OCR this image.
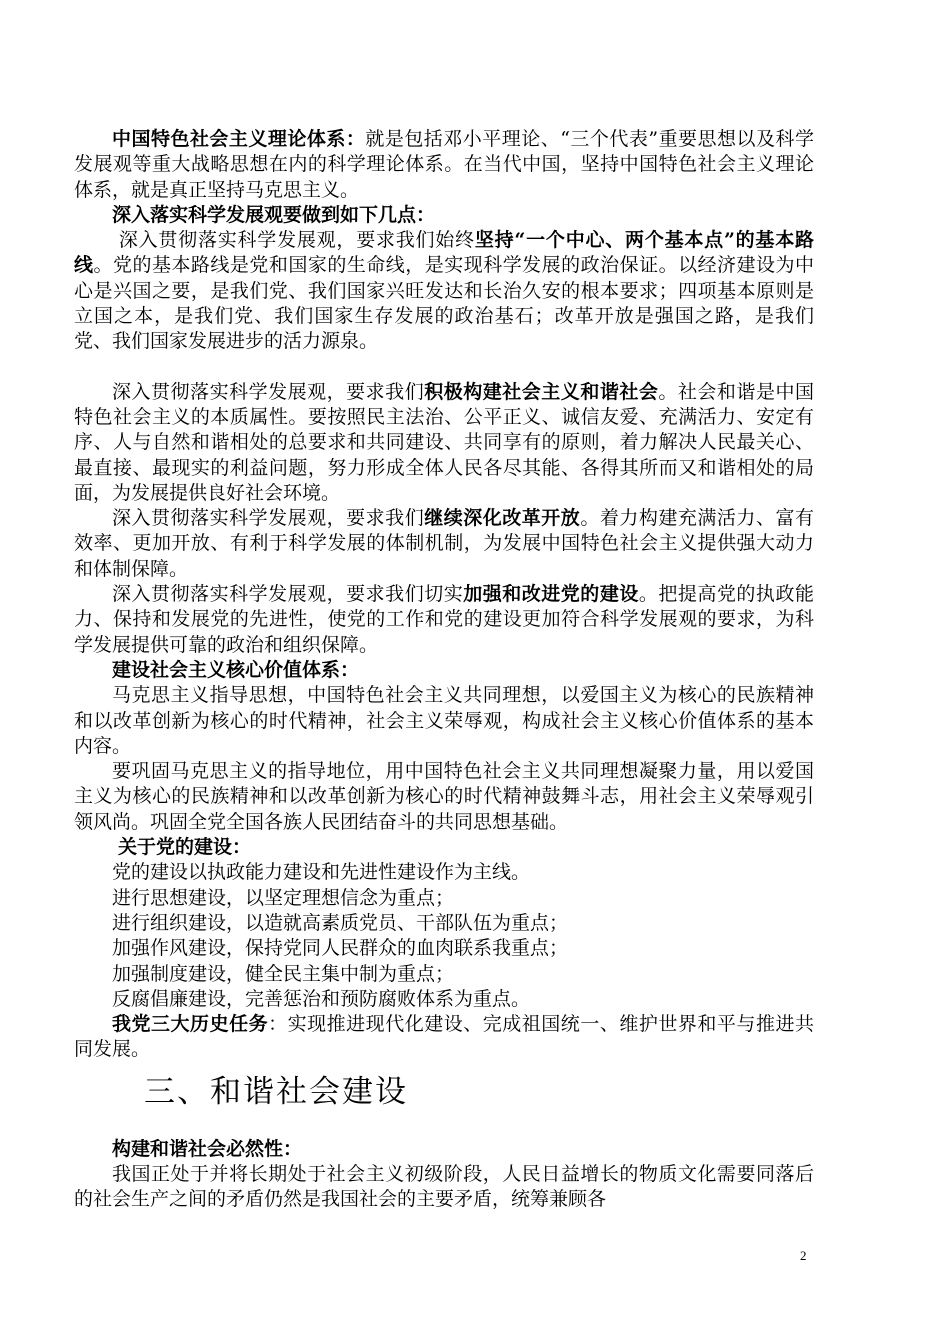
中国特色社会主义理论体系：就是包括邓小平理论、“三个代表”重要思想以及科学发展观等重大战略思想在内的科学理论体系。在当代中国，坚持中国特色社会主义理论体系，就是真正坚持马克思主义。

深入落实科学发展观要做到如下几点：

深入贯彻落实科学发展观，要求我们始终坚持“一个中心、两个基本点”的基本路线。党的基本路线是党和国家的生命线，是实现科学发展的政治保证。以经济建设为中心是兴国之要，是我们党、我们国家兴旺发达和长治久安的根本要求；四项基本原则是立国之本，是我们党、我们国家生存发展的政治基石；改革开放是强国之路，是我们党、我们国家发展进步的活力源泉。

深入贯彻落实科学发展观，要求我们积极构建社会主义和谐社会。社会和谐是中国特色社会主义的本质属性。要按照民主法治、公平正义、诚信友爱、充满活力、安定有序、人与自然和谐相处的总要求和共同建设、共同享有的原则，着力解决人民最关心、最直接、最现实的利益问题，努力形成全体人民各尽其能、各得其所而又和谐相处的局面，为发展提供良好社会环境。

深入贯彻落实科学发展观，要求我们继续深化改革开放。着力构建充满活力、富有效率、更加开放、有利于科学发展的体制机制，为发展中国特色社会主义提供强大动力和体制保障。

深入贯彻落实科学发展观，要求我们切实加强和改进党的建设。把提高党的执政能力、保持和发展党的先进性，使党的工作和党的建设更加符合科学发展观的要求，为科学发展提供可靠的政治和组织保障。

建设社会主义核心价值体系：

马克思主义指导思想，中国特色社会主义共同理想，以爱国主义为核心的民族精神和以改革创新为核心的时代精神，社会主义荣辱观，构成社会主义核心价值体系的基本内容。

要巩固马克思主义的指导地位，用中国特色社会主义共同理想凝聚力量，用以爱国主义为核心的民族精神和以改革创新为核心的时代精神鼓舞斗志，用社会主义荣辱观引领风尚。巩固全党全国各族人民团结奋斗的共同思想基础。

关于党的建设：

党的建设以执政能力建设和先进性建设作为主线。

进行思想建设，以坚定理想信念为重点；

进行组织建设，以造就高素质党员、干部队伍为重点；

加强作风建设，保持党同人民群众的血肉联系我重点；

加强制度建设，健全民主集中制为重点；

反腐倡廉建设，完善惩治和预防腐败体系为重点。

我党三大历史任务：实现推进现代化建设、完成祖国统一、维护世界和平与推进共同发展。

三、和谐社会建设

构建和谐社会必然性：

我国正处于并将长期处于社会主义初级阶段，人民日益增长的物质文化需要同落后的社会生产之间的矛盾仍然是我国社会的主要矛盾，统筹兼顾各

2
